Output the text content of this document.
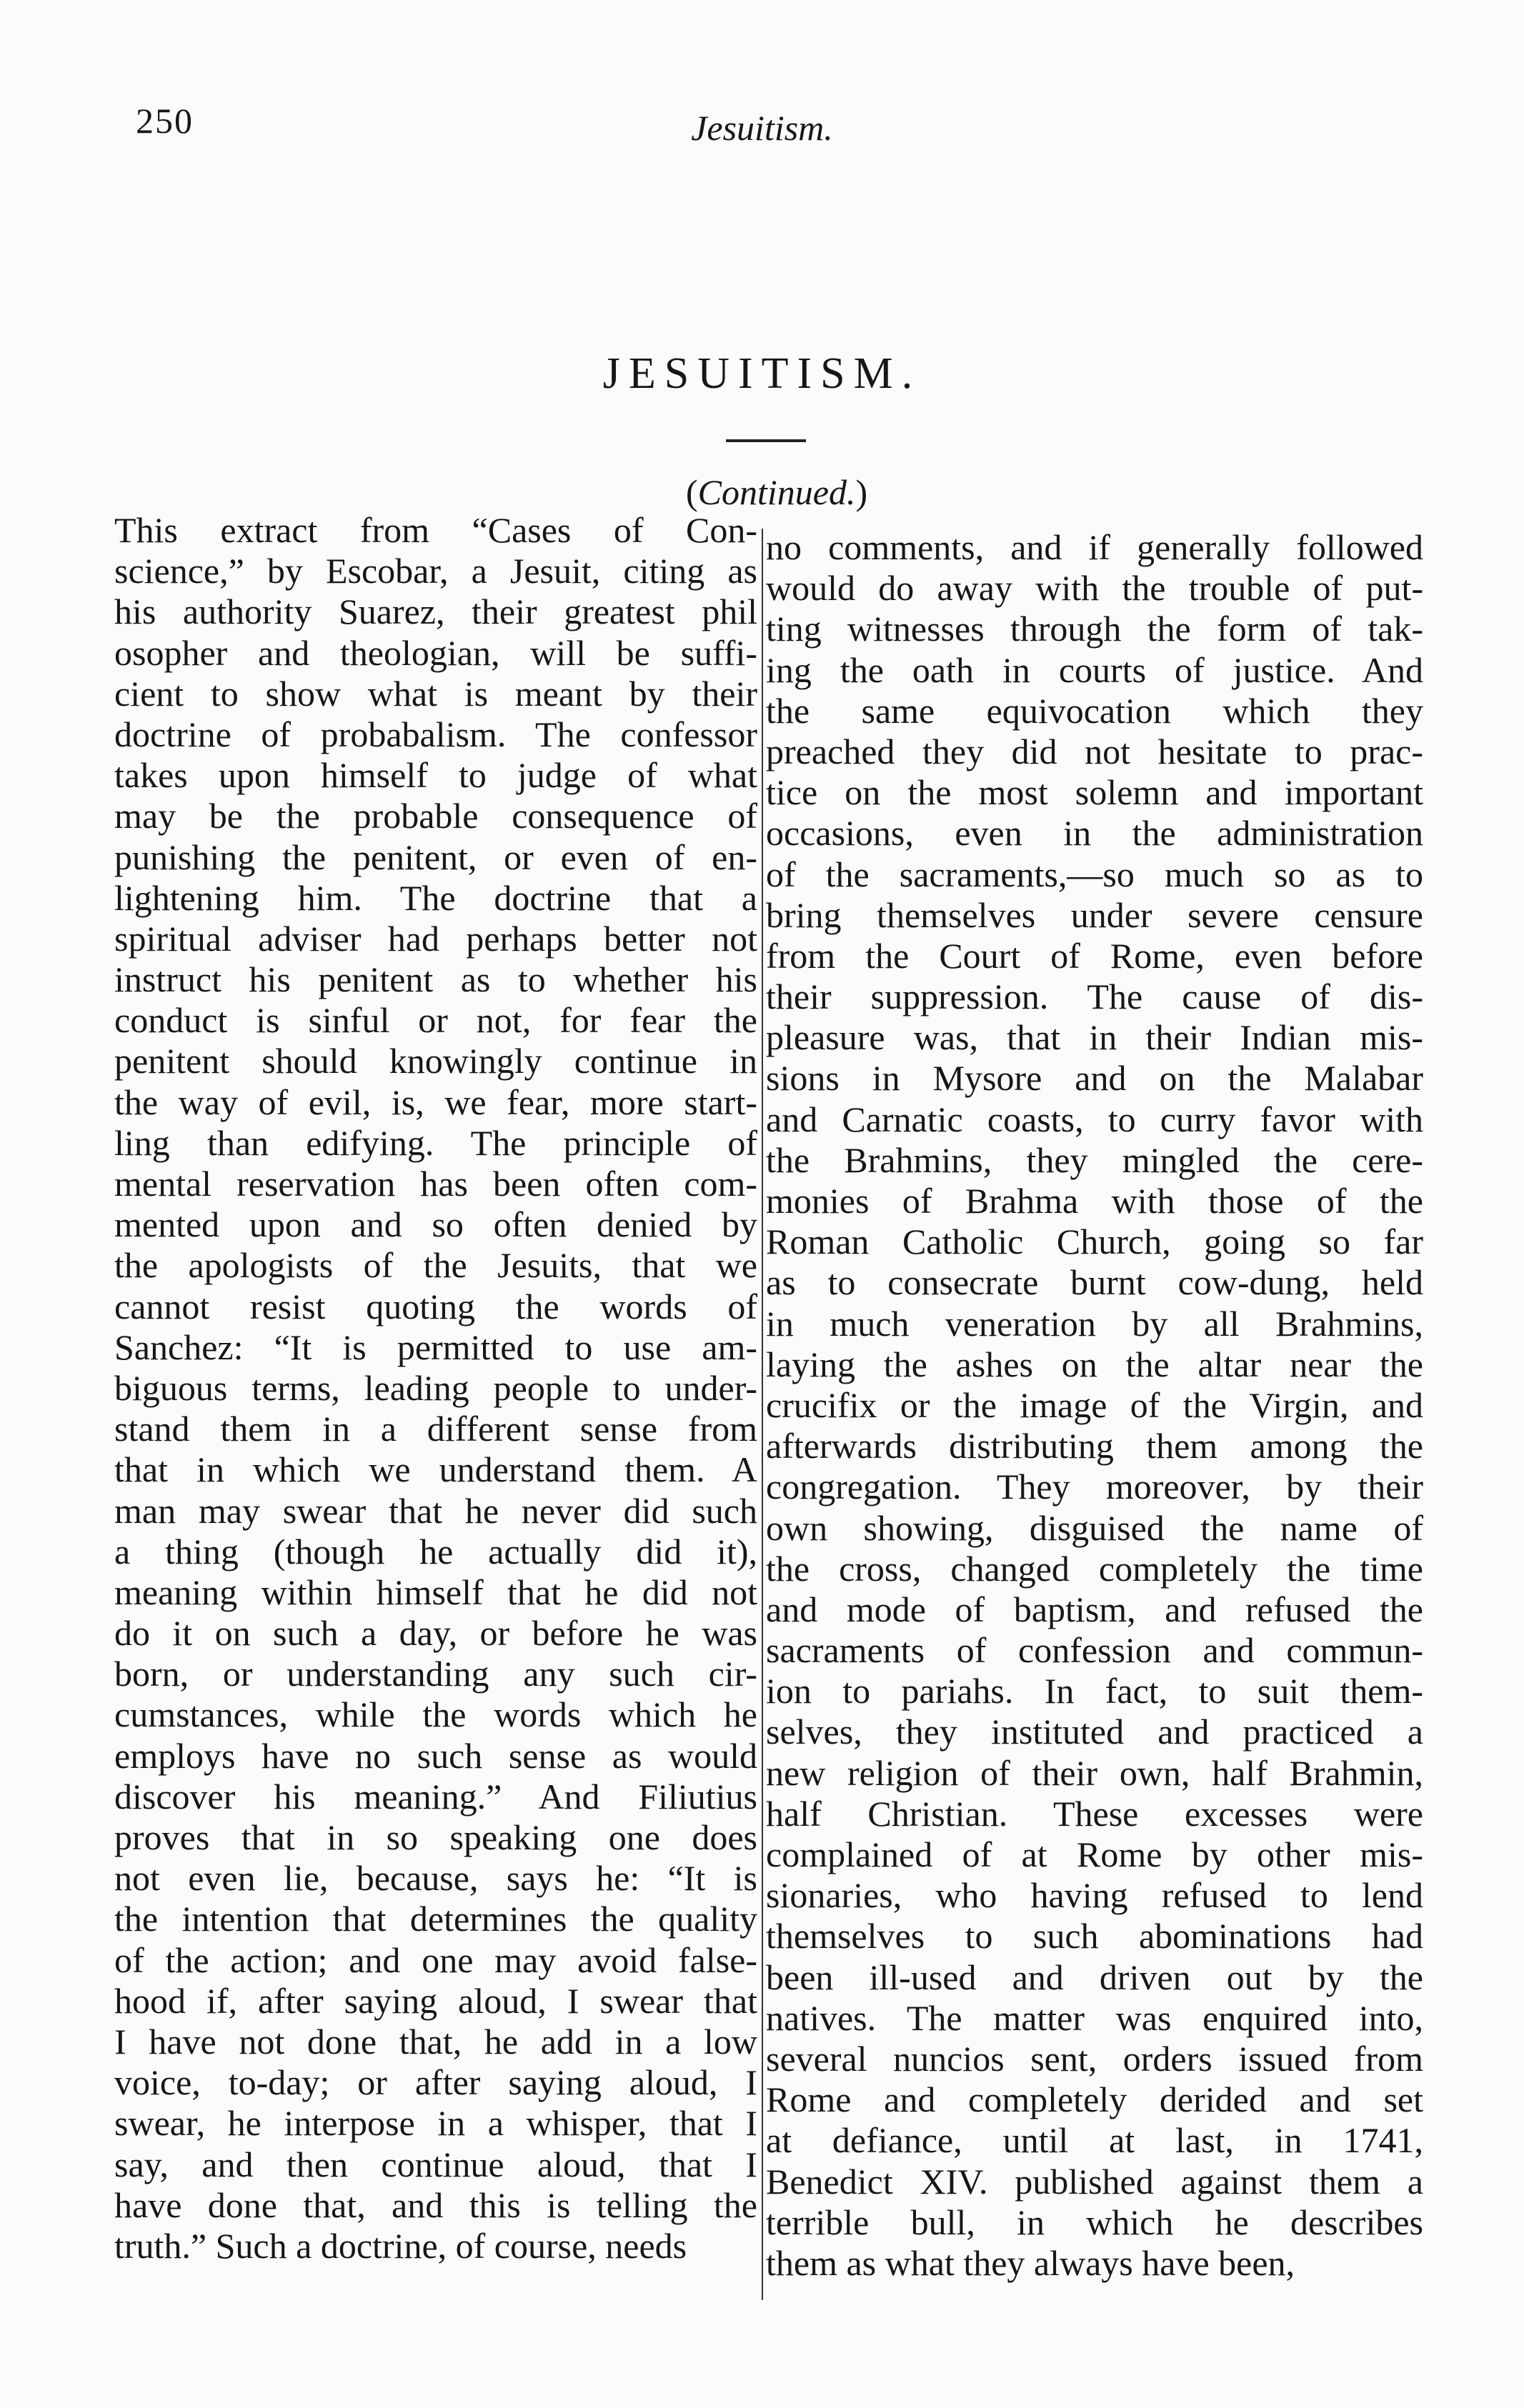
250	Jesuitism.
JESUITISM.
(Continued.)
This extract from “Cases of Con-
science,” by Escobar, a Jesuit, citing as
his authority Suarez, their greatest phil
osopher and theologian, will be suffi-
cient to show what is meant by their
doctrine of probabalism. The confessor
takes upon himself to judge of what
may be the probable consequence of
punishing the penitent, or even of en-
lightening him. The doctrine that a
spiritual adviser had perhaps better not
instruct his penitent as to whether his
conduct is sinful or not, for fear the
penitent should knowingly continue in
the way of evil, is, we fear, more start-
ling than edifying. The principle of
mental reservation has been often com-
mented upon and so often denied by
the apologists of the Jesuits, that we
cannot resist quoting the words of
Sanchez: “It is permitted to use am-
biguous terms, leading people to under-
stand them in a different sense from
that in which we understand them. A
man may swear that he never did such
a thing (though he actually did it),
meaning within himself that he did not
do it on such a day, or before he was
born, or understanding any such cir-
cumstances, while the words which he
employs have no such sense as would
discover his meaning.” And Filiutius
proves that in so speaking one does
not even lie, because, says he: “It is
the intention that determines the quality
of the action; and one may avoid false-
hood if, after saying aloud, I swear that
I have not done that, he add in a low
voice, to-day; or after saying aloud, I
swear, he interpose in a whisper, that I
say, and then continue aloud, that I
have done that, and this is telling the
truth.” Such a doctrine, of course, needs
no comments, and if generally followed
would do away with the trouble of put-
ting witnesses through the form of tak-
ing the oath in courts of justice. And
the same equivocation which they
preached they did not hesitate to prac-
tice on the most solemn and important
occasions, even in the administration
of the sacraments,—so much so as to
bring themselves under severe censure
from the Court of Rome, even before
their suppression. The cause of dis-
pleasure was, that in their Indian mis-
sions in Mysore and on the Malabar
and Carnatic coasts, to curry favor with
the Brahmins, they mingled the cere-
monies of Brahma with those of the
Roman Catholic Church, going so far
as to consecrate burnt cow-dung, held
in much veneration by all Brahmins,
laying the ashes on the altar near the
crucifix or the image of the Virgin, and
afterwards distributing them among the
congregation. They moreover, by their
own showing, disguised the name of
the cross, changed completely the time
and mode of baptism, and refused the
sacraments of confession and commun-
ion to pariahs. In fact, to suit them-
selves, they instituted and practiced a
new religion of their own, half Brahmin,
half Christian. These excesses were
complained of at Rome by other mis-
sionaries, who having refused to lend
themselves to such abominations had
been ill-used and driven out by the
natives. The matter was enquired into,
several nuncios sent, orders issued from
Rome and completely derided and set
at defiance, until at last, in 1741,
Benedict XIV. published against them a
terrible bull, in which he describes
them as what they always have been,
